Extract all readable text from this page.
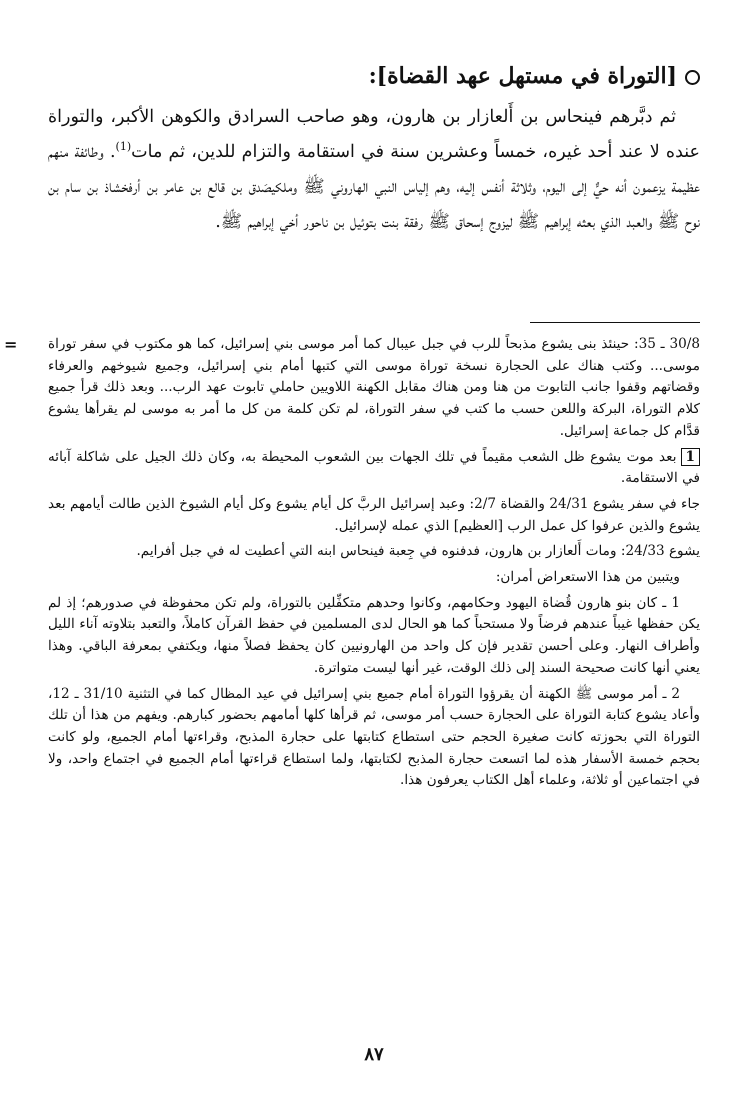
[التوراة في مستهل عهد القضاة]:

ثم دبَّرهم فينحاس بن أَلعازار بن هارون، وهو صاحب السرادق والكوهن الأكبر، والتوراة عنده لا عند أحد غيره، خمساً وعشرين سنة في استقامة والتزام للدين، ثم مات$^{(1)}$. وطائفة منهم عظيمة يزعمون أنه حيٌّ إلى اليوم، وثلاثة أنفس إليه، وهم إلياس النبي الهاروني ﷺ وملكيصَدق بن قالع بن عامر بن أرفخشاذ بن سام بن نوح ﷺ والعبد الذي بعثه إبراهيم ﷺ ليزوج إسحاق ﷺ رفقة بنت بتوئيل بن ناحور أخي إبراهيم ﷺ.

= 30/8 ـ 35: حينئذ بنى يشوع مذبحاً للرب في جبل عيبال كما أمر موسى بني إسرائيل، كما هو مكتوب في سفر توراة موسى... وكتب هناك على الحجارة نسخة توراة موسى التي كتبها أمام بني إسرائيل، وجميع شيوخهم والعرفاء وقضاتهم وقفوا جانب التابوت من هنا ومن هناك مقابل الكهنة اللاويين حاملي تابوت عهد الرب... وبعد ذلك قرأ جميع كلام التوراة، البركة واللعن حسب ما كتب في سفر التوراة، لم تكن كلمة من كل ما أمر به موسى لم يقرأها يشوع قدَّام كل جماعة إسرائيل.

1بعد موت يشوع ظل الشعب مقيماً في تلك الجهات بين الشعوب المحيطة به، وكان ذلك الجيل على شاكلة آبائه في الاستقامة.

جاء في سفر يشوع 24/31 والقضاة 2/7: وعبد إسرائيل الربَّ كل أيام يشوع وكل أيام الشيوخ الذين طالت أيامهم بعد يشوع والذين عرفوا كل عمل الرب [العظيم] الذي عمله لإسرائيل.

يشوع 24/33: ومات أَلعازار بن هارون، فدفنوه في جِعبة فينحاس ابنه التي أعطيت له في جبل أفرايم.

ويتبين من هذا الاستعراض أمران:

1 ـ كان بنو هارون قُضاة اليهود وحكامهم، وكانوا وحدهم متكفِّلين بالتوراة، ولم تكن محفوظة في صدورهم؛ إذ لم يكن حفظها غيباً عندهم فرضاً ولا مستحباً كما هو الحال لدى المسلمين في حفظ القرآن كاملاً، والتعبد بتلاوته آناء الليل وأطراف النهار. وعلى أحسن تقدير فإن كل واحد من الهارونيين كان يحفظ فصلاً منها، ويكتفي بمعرفة الباقي. وهذا يعني أنها كانت صحيحة السند إلى ذلك الوقت، غير أنها ليست متواترة.

2 ـ أمر موسى ﷺ الكهنة أن يقرؤوا التوراة أمام جميع بني إسرائيل في عيد المظال كما في التثنية 31/10 ـ 12، وأعاد يشوع كتابة التوراة على الحجارة حسب أمر موسى، ثم قرأها كلها أمامهم بحضور كبارهم. ويفهم من هذا أن تلك التوراة التي بحوزته كانت صغيرة الحجم حتى استطاع كتابتها على حجارة المذبح، وقراءتها أمام الجميع، ولو كانت بحجم خمسة الأسفار هذه لما اتسعت حجارة المذبح لكتابتها، ولما استطاع قراءتها أمام الجميع في اجتماع واحد، ولا في اجتماعين أو ثلاثة، وعلماء أهل الكتاب يعرفون هذا.

٨٧
